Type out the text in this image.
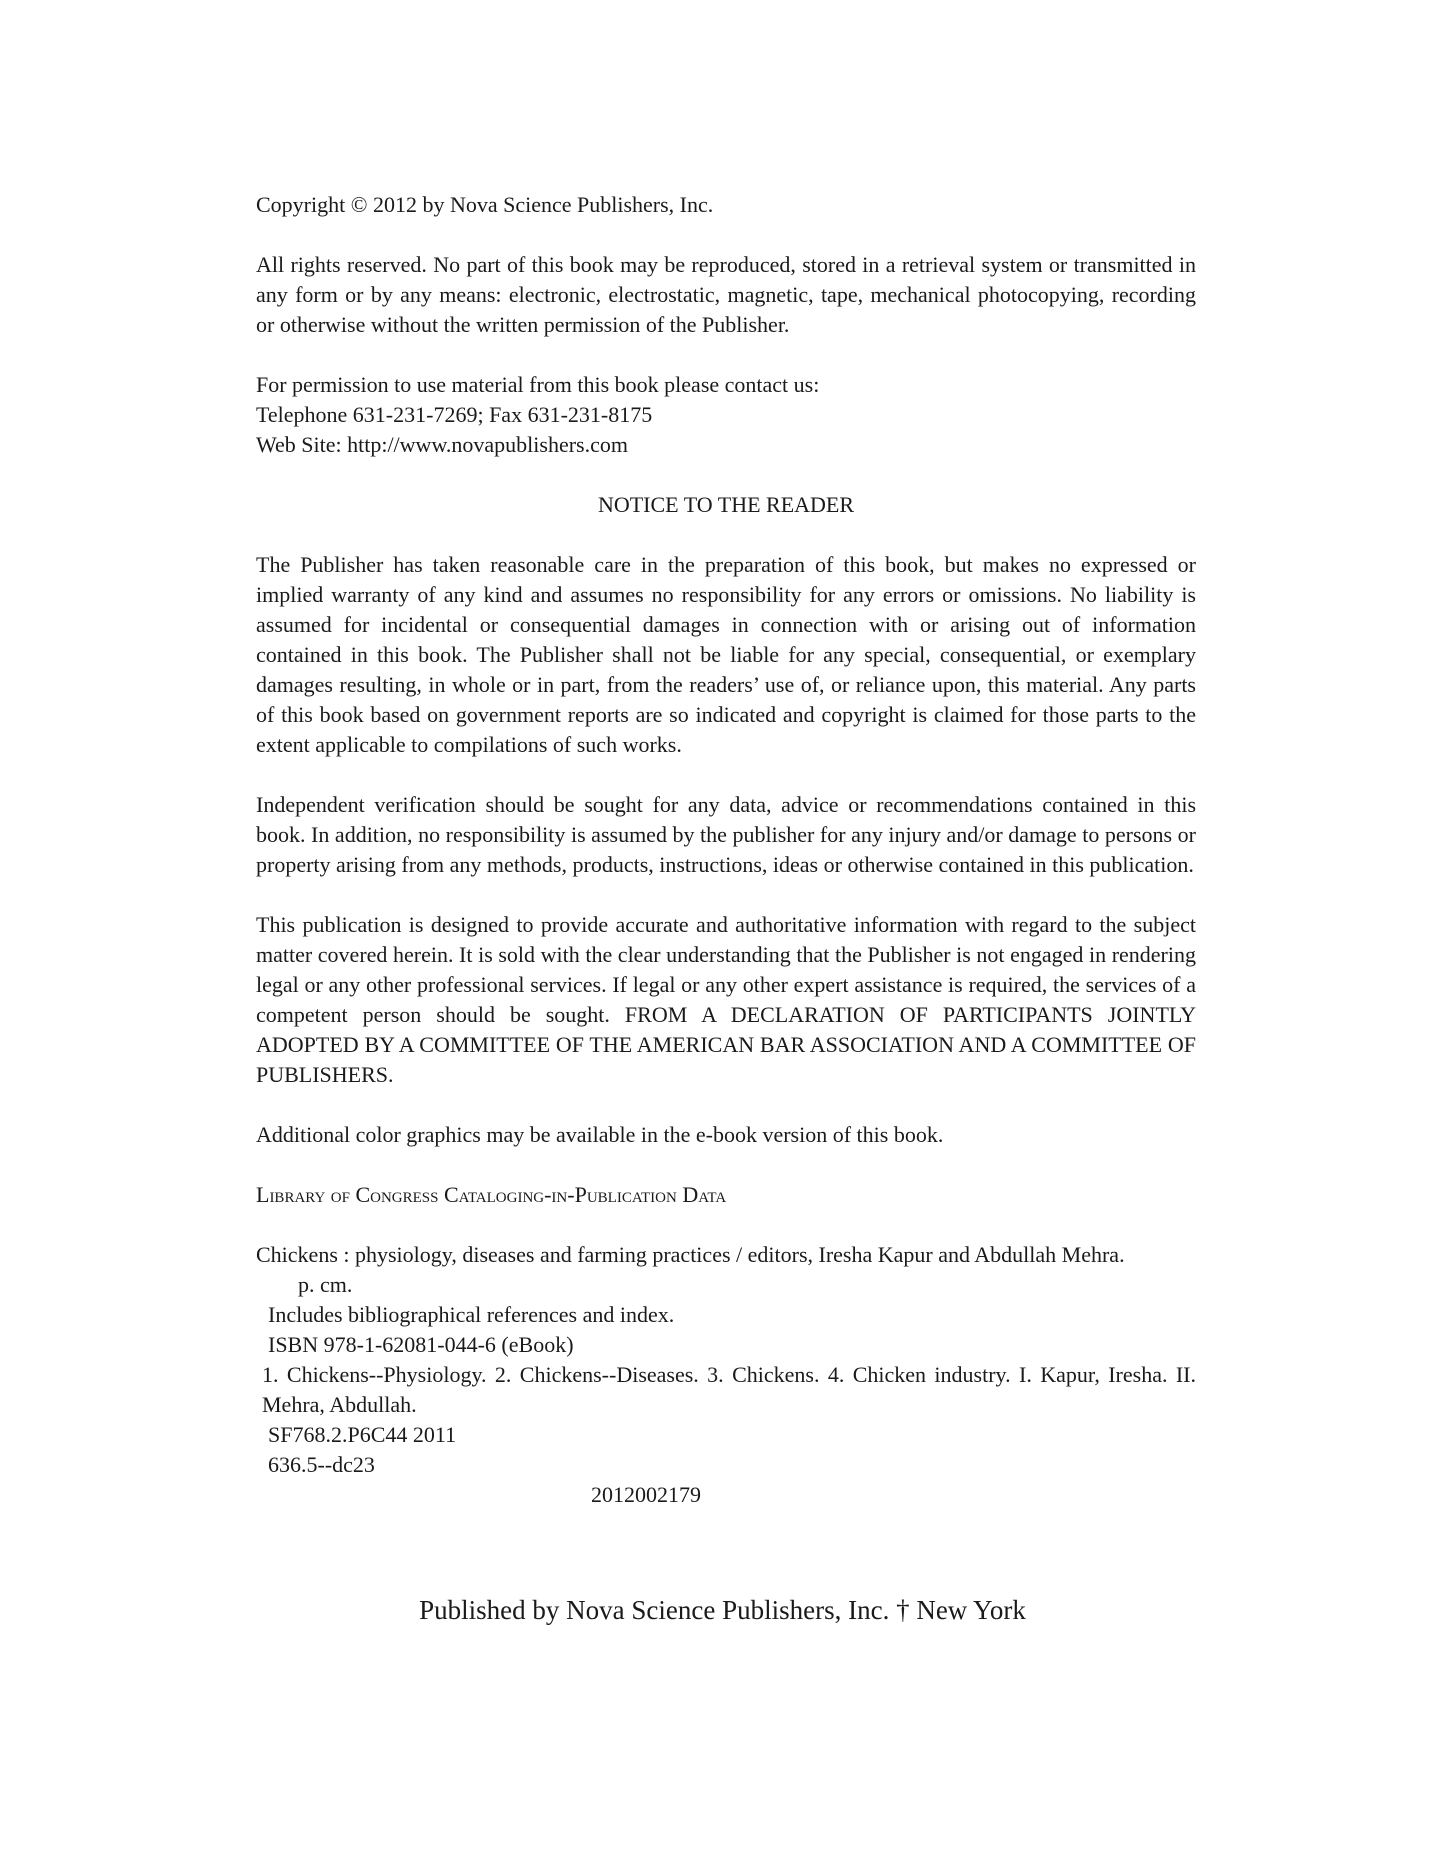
Copyright © 2012 by Nova Science Publishers, Inc.

All rights reserved. No part of this book may be reproduced, stored in a retrieval system or transmitted in any form or by any means: electronic, electrostatic, magnetic, tape, mechanical photocopying, recording or otherwise without the written permission of the Publisher.

For permission to use material from this book please contact us:

Telephone 631-231-7269; Fax 631-231-8175

Web Site: http://www.novapublishers.com

NOTICE TO THE READER

The Publisher has taken reasonable care in the preparation of this book, but makes no expressed or implied warranty of any kind and assumes no responsibility for any errors or omissions. No liability is assumed for incidental or consequential damages in connection with or arising out of information contained in this book. The Publisher shall not be liable for any special, consequential, or exemplary damages resulting, in whole or in part, from the readers’ use of, or reliance upon, this material. Any parts of this book based on government reports are so indicated and copyright is claimed for those parts to the extent applicable to compilations of such works.

Independent verification should be sought for any data, advice or recommendations contained in this book. In addition, no responsibility is assumed by the publisher for any injury and/or damage to persons or property arising from any methods, products, instructions, ideas or otherwise contained in this publication.

This publication is designed to provide accurate and authoritative information with regard to the subject matter covered herein. It is sold with the clear understanding that the Publisher is not engaged in rendering legal or any other professional services. If legal or any other expert assistance is required, the services of a competent person should be sought. FROM A DECLARATION OF PARTICIPANTS JOINTLY ADOPTED BY A COMMITTEE OF THE AMERICAN BAR ASSOCIATION AND A COMMITTEE OF PUBLISHERS.

Additional color graphics may be available in the e-book version of this book.

Library of Congress Cataloging-in-Publication Data

Chickens : physiology, diseases and farming practices / editors, Iresha Kapur and Abdullah Mehra.

p. cm.

Includes bibliographical references and index.

ISBN 978-1-62081-044-6 (eBook)

1. Chickens--Physiology. 2. Chickens--Diseases. 3. Chickens. 4. Chicken industry. I. Kapur, Iresha. II. Mehra, Abdullah.

SF768.2.P6C44 2011

636.5--dc23

2012002179

Published by Nova Science Publishers, Inc. † New York
